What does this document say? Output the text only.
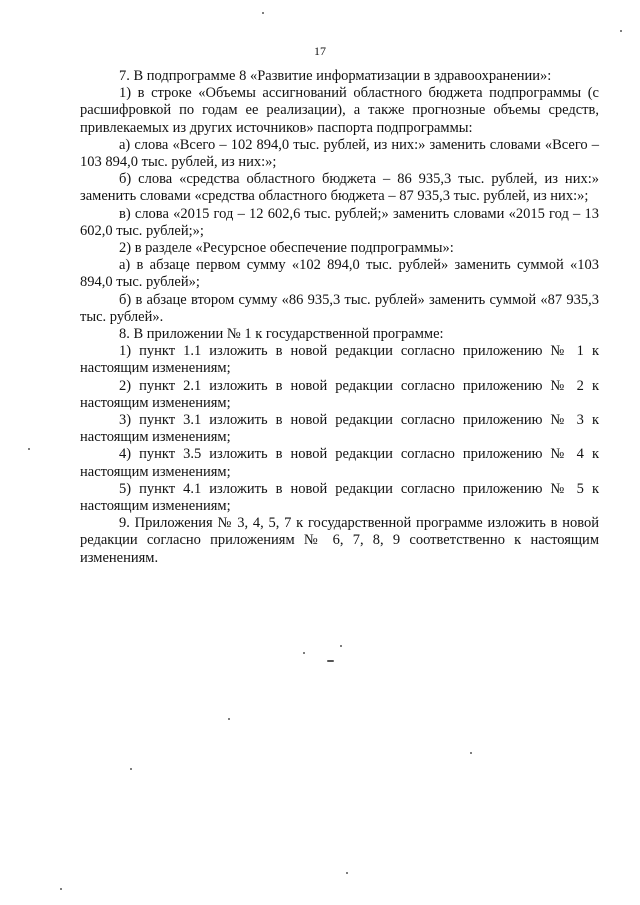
17

7. В подпрограмме 8 «Развитие информатизации в здравоохранении»:

1) в строке «Объемы ассигнований областного бюджета подпрограммы (с расшифровкой по годам ее реализации), а также прогнозные объемы средств, привлекаемых из других источников» паспорта подпрограммы:

а) слова «Всего – 102 894,0 тыс. рублей, из них:» заменить словами «Всего – 103 894,0 тыс. рублей, из них:»;

б) слова «средства областного бюджета – 86 935,3 тыс. рублей, из них:» заменить словами «средства областного бюджета – 87 935,3 тыс. рублей, из них:»;

в) слова «2015 год – 12 602,6 тыс. рублей;» заменить словами «2015 год – 13 602,0 тыс. рублей;»;

2) в разделе «Ресурсное обеспечение подпрограммы»:

а) в абзаце первом сумму «102 894,0 тыс. рублей» заменить суммой «103 894,0 тыс. рублей»;

б) в абзаце втором сумму «86 935,3 тыс. рублей» заменить суммой «87 935,3 тыс. рублей».

8. В приложении № 1 к государственной программе:

1) пункт 1.1 изложить в новой редакции согласно приложению № 1 к настоящим изменениям;

2) пункт 2.1 изложить в новой редакции согласно приложению № 2 к настоящим изменениям;

3) пункт 3.1 изложить в новой редакции согласно приложению № 3 к настоящим изменениям;

4) пункт 3.5 изложить в новой редакции согласно приложению № 4 к настоящим изменениям;

5) пункт 4.1 изложить в новой редакции согласно приложению № 5 к настоящим изменениям;

9. Приложения № 3, 4, 5, 7 к государственной программе изложить в новой редакции согласно приложениям № 6, 7, 8, 9 соответственно к настоящим изменениям.
